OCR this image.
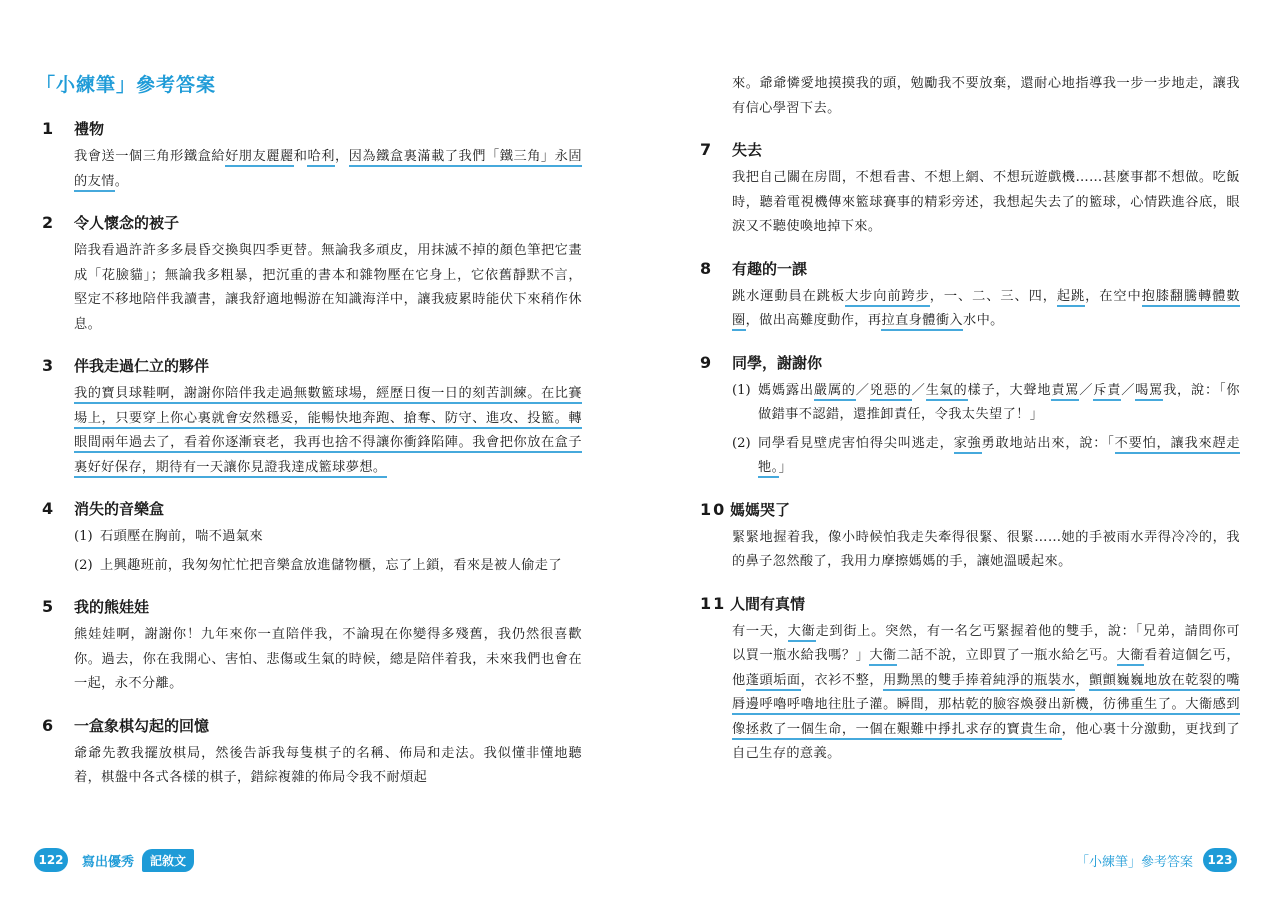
「小練筆」參考答案
1	禮物

我會送一個三角形鐵盒給好朋友麗麗和哈利，因為鐵盒裏滿載了我們「鐵三角」永固的友情。

2	令人懷念的被子

陪我看過許許多多晨昏交換與四季更替。無論我多頑皮，用抹滅不掉的顏色筆把它畫成「花臉貓」；無論我多粗暴，把沉重的書本和雜物壓在它身上，它依舊靜默不言，堅定不移地陪伴我讀書，讓我舒適地暢游在知識海洋中，讓我疲累時能伏下來稍作休息。

3	伴我走過仁立的夥伴

我的寶貝球鞋啊，謝謝你陪伴我走過無數籃球場，經歷日復一日的刻苦訓練。在比賽場上，只要穿上你心裏就會安然穩妥，能暢快地奔跑、搶奪、防守、進攻、投籃。轉眼間兩年過去了，看着你逐漸衰老，我再也捨不得讓你衝鋒陷陣。我會把你放在盒子裏好好保存，期待有一天讓你見證我達成籃球夢想。

4	消失的音樂盒
(1) 石頭壓在胸前，喘不過氣來

(2) 上興趣班前，我匆匆忙忙把音樂盒放進儲物櫃，忘了上鎖，看來是被人偷走了

5	我的熊娃娃

熊娃娃啊，謝謝你！九年來你一直陪伴我，不論現在你變得多殘舊，我仍然很喜歡你。過去，你在我開心、害怕、悲傷或生氣的時候，總是陪伴着我，未來我們也會在一起，永不分離。

6	一盒象棋勾起的回憶

爺爺先教我擺放棋局，然後告訴我每隻棋子的名稱、佈局和走法。我似懂非懂地聽着，棋盤中各式各樣的棋子，錯綜複雜的佈局令我不耐煩起

122	寫出優秀	記敘文

來。爺爺憐愛地摸摸我的頭，勉勵我不要放棄，還耐心地指導我一步一步地走，讓我有信心學習下去。

7	失去

我把自己關在房間，不想看書、不想上網、不想玩遊戲機……甚麼事都不想做。吃飯時，聽着電視機傳來籃球賽事的精彩旁述，我想起失去了的籃球，心情跌進谷底，眼淚又不聽使喚地掉下來。

8	有趣的一課

跳水運動員在跳板大步向前跨步，一、二、三、四，起跳，在空中抱膝翻騰轉體數圈，做出高難度動作，再拉直身體衝入水中。

9	同學，謝謝你
(1) 媽媽露出嚴厲的／兇惡的／生氣的樣子，大聲地責罵／斥責／喝罵我，說：「你做錯事不認錯，還推卸責任，令我太失望了！」

(2) 同學看見壁虎害怕得尖叫逃走，家強勇敢地站出來，說：「不要怕，讓我來趕走牠。」

10 媽媽哭了

緊緊地握着我，像小時候怕我走失牽得很緊、很緊……她的手被雨水弄得冷冷的，我的鼻子忽然酸了，我用力摩擦媽媽的手，讓她溫暖起來。

11 人間有真情

有一天，大衞走到街上。突然，有一名乞丐緊握着他的雙手，說：「兄弟，請問你可以買一瓶水給我嗎？」大衞二話不說，立即買了一瓶水給乞丐。大衞看着這個乞丐，他蓬頭垢面，衣衫不整，用黝黑的雙手捧着純淨的瓶裝水，顫顫巍巍地放在乾裂的嘴脣邊呼嚕呼嚕地往肚子灌。瞬間，那枯乾的臉容煥發出新機，彷彿重生了。大衞感到像拯救了一個生命，一個在艱難中掙扎求存的寶貴生命，他心裏十分激動，更找到了自己生存的意義。

「小練筆」參考答案	123
